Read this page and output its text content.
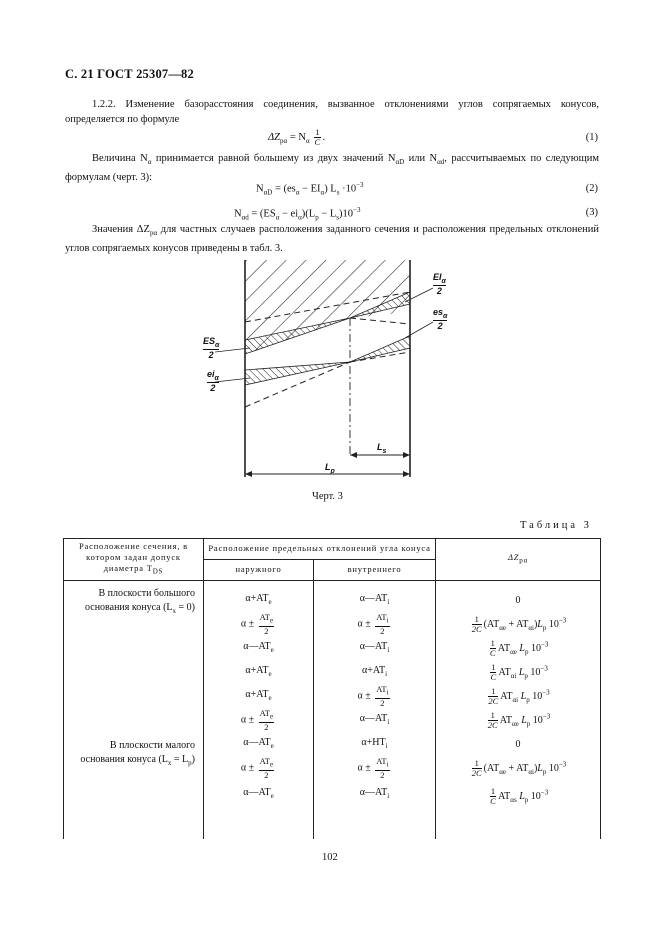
С. 21 ГОСТ 25307—82
1.2.2. Изменение базорасстояния соединения, вызванное отклонениями углов сопрягаемых конусов, определяется по формуле
$\Delta Z_{p\alpha} = N_\alpha \frac{1}{C}$ .	(1)
Величина $N_\alpha$ принимается равной большему из двух значений $N_{\alpha D}$ или $N_{\alpha d}$, рассчитываемых по следующим формулам (черт. 3):
$N_{\alpha D} = (es_\alpha - EI_\alpha)$ $L_s \cdot 10^{-3}$	(2)
$N_{\alpha d} = (ES_\alpha - ei_\alpha)(L_p - L_s)10^{-3}$	(3)
Значения $\Delta Z_{p\alpha}$ для частных случаев расположения заданного сечения и расположения предельных отклонений углов сопрягаемых конусов приведены в табл. 3.
$EI_\alpha$
2
$es_\alpha$
2
$ES_\alpha$
2
$ei_\alpha$
2
$L_s$
$L_p$
Черт. 3
Таблица 3
Расположение сечения, в котором задан допуск диаметра $T_{DS}$	Расположение предельных отклонений угла конуса		$\Delta Z_{p\alpha}$
	наружного	внутреннего	
В плоскости большого основания конуса $(L_x = 0)$	$\alpha+AT_e$	$\alpha—AT_i$	0
	$\alpha \pm \frac{AT_e}{2}$	$\alpha \pm \frac{AT_i}{2}$	$\frac{1}{2C} (AT_{\alpha e} + AT_{\alpha i})L_p$ $10^{-3}$
	$\alpha—AT_e$	$\alpha—AT_i$	$\frac{1}{C} AT_{\alpha e}$ $L_p$ $10^{-3}$
	$\alpha+AT_e$	$\alpha+AT_i$	$\frac{1}{C} AT_{\alpha i}$ $L_p$ $10^{-3}$
	$\alpha+AT_e$	$\alpha \pm \frac{AT_i}{2}$	$\frac{1}{2C} AT_{\alpha i}$ $L_p$ $10^{-3}$
	$\alpha \pm \frac{AT_e}{2}$	$\alpha—AT_i$	$\frac{1}{2C} AT_{\alpha e}$ $L_p$ $10^{-3}$
В плоскости малого основания конуса $(L_x = L_p)$	$\alpha—AT_e$	$\alpha+HT_i$	0
	$\alpha \pm \frac{AT_e}{2}$	$\alpha \pm \frac{AT_i}{2}$	$\frac{1}{2C} (AT_{\alpha e} + AT_{\alpha i})L_p$ $10^{-3}$
	$\alpha—AT_e$	$\alpha—AT_i$	$\frac{1}{C} AT_{\alpha s}$ $L_p$ $10^{-3}$
102
